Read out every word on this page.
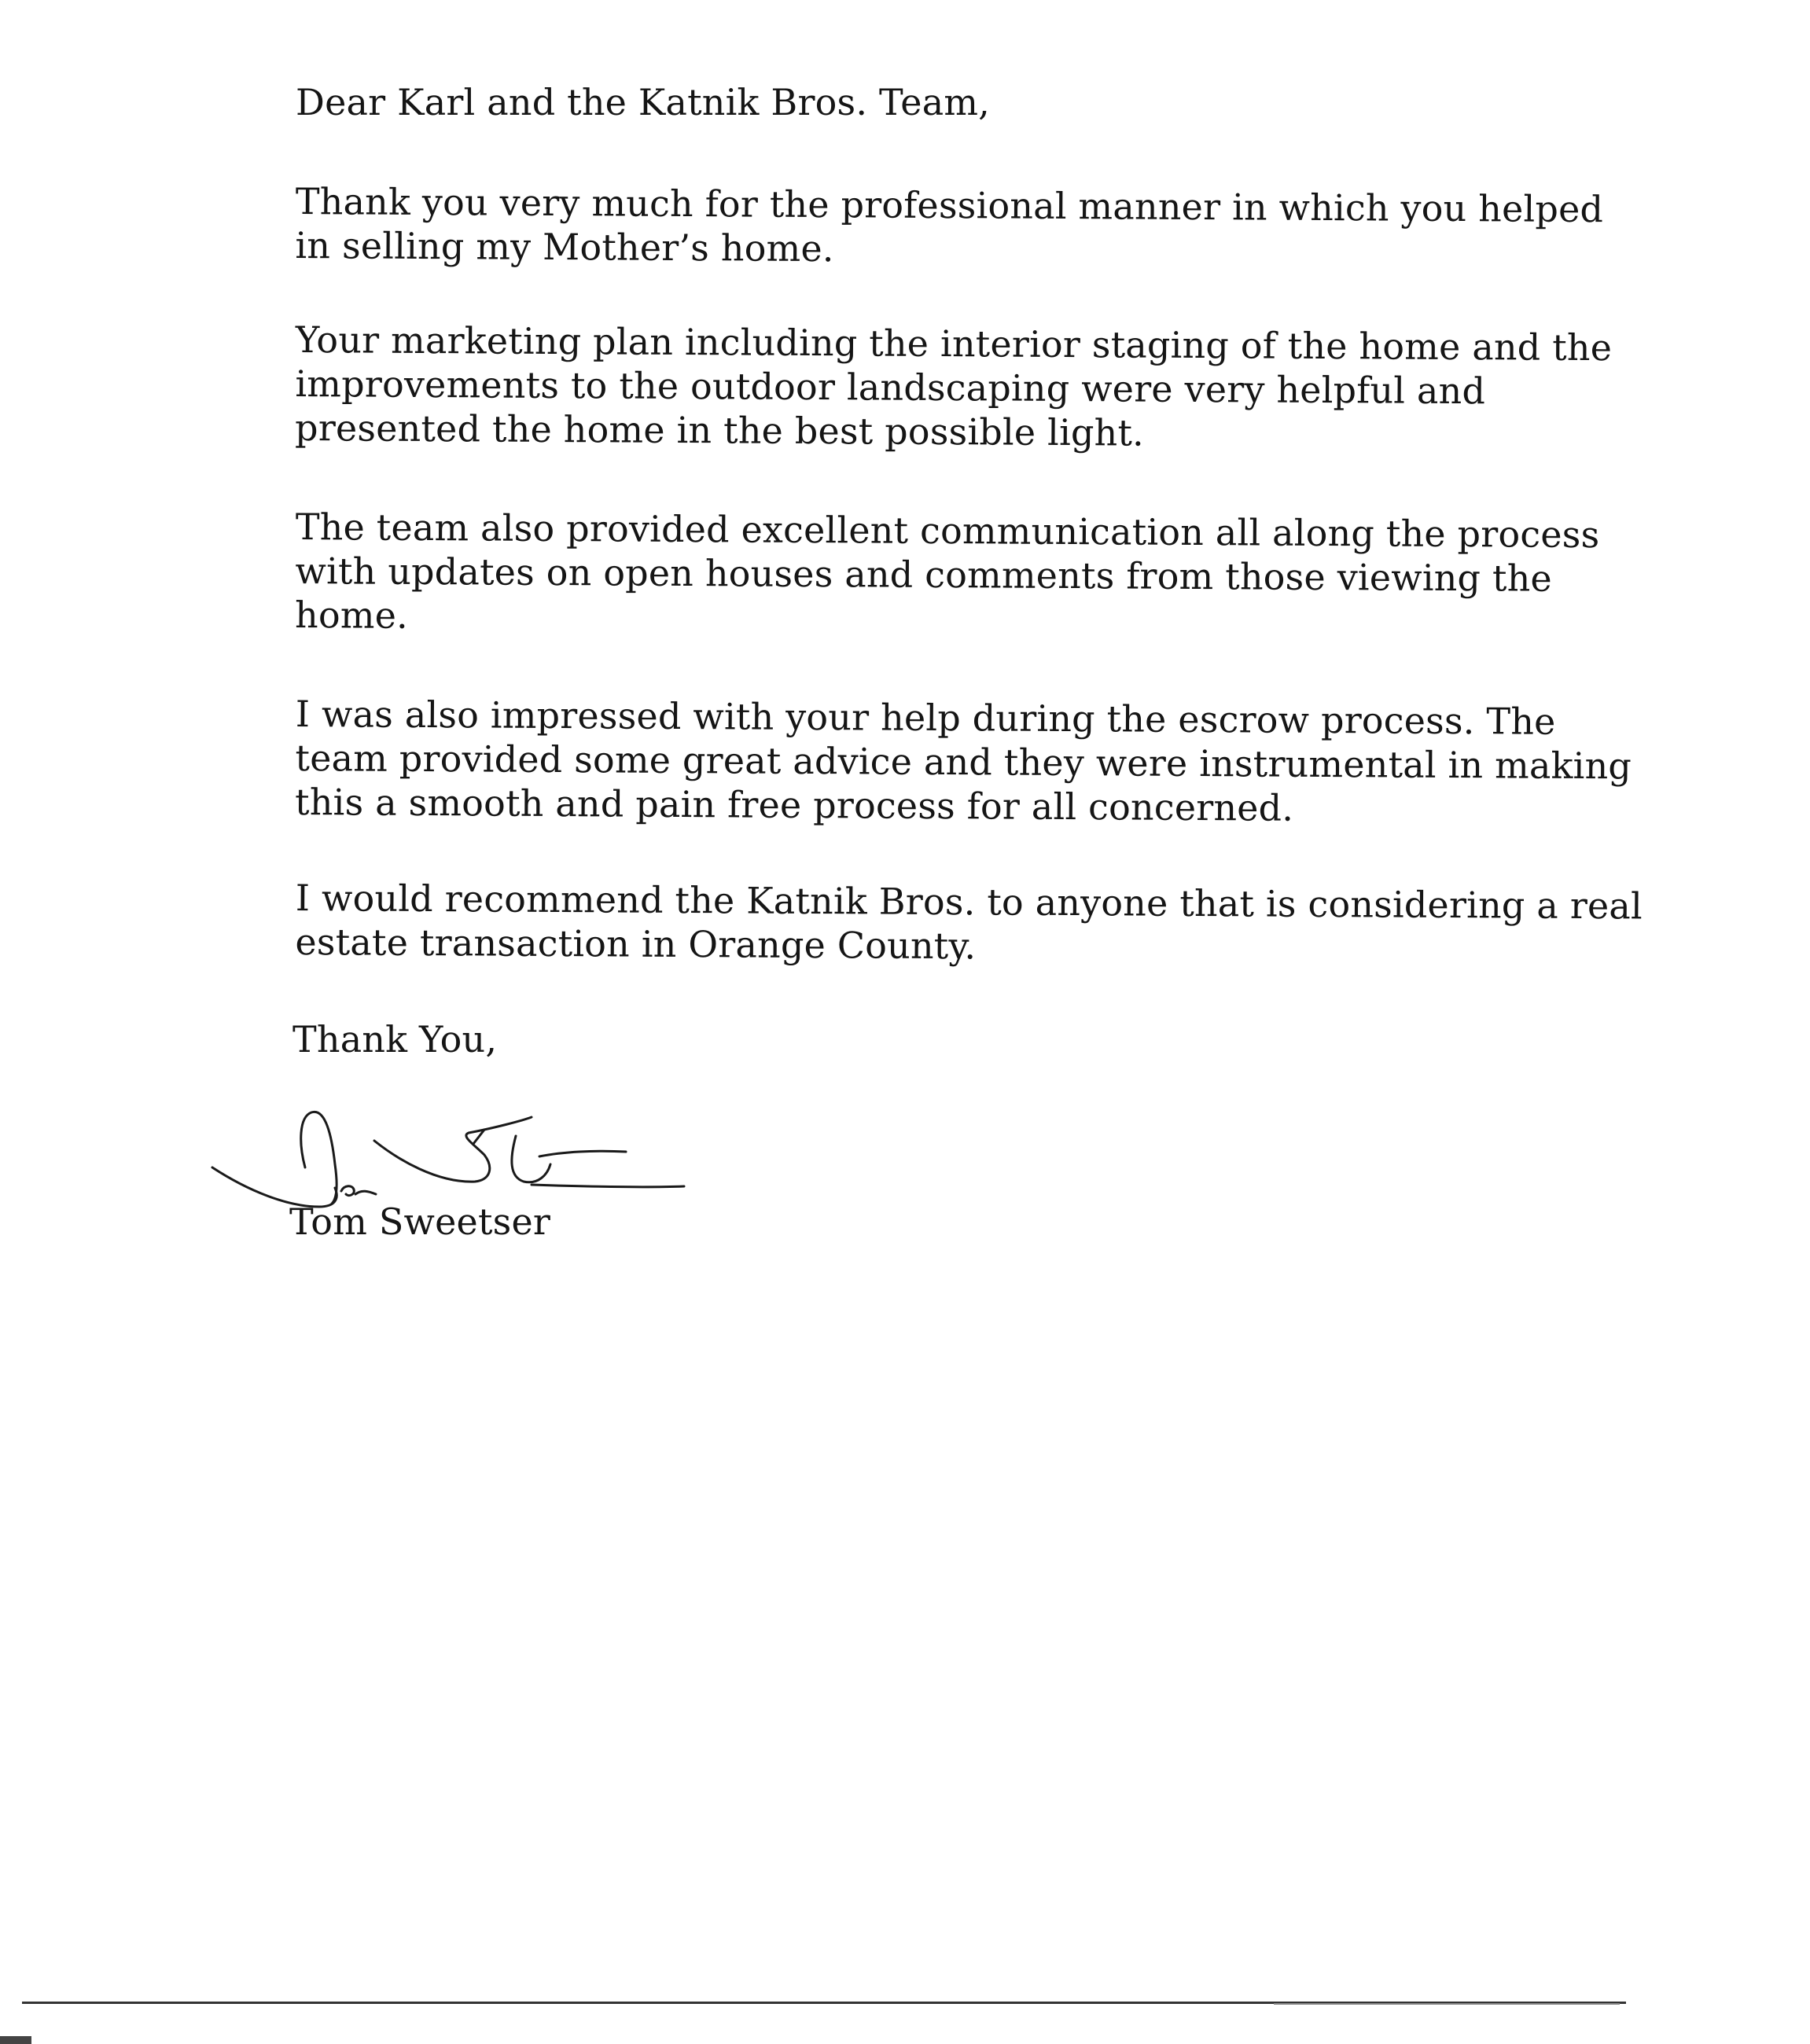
Dear Karl and the Katnik Bros. Team,
Thank you very much for the professional manner in which you helped
in selling my Mother’s home.
Your marketing plan including the interior staging of the home and the
improvements to the outdoor landscaping were very helpful and
presented the home in the best possible light.
The team also provided excellent communication all along the process
with updates on open houses and comments from those viewing the
home.
I was also impressed with your help during the escrow process. The
team provided some great advice and they were instrumental in making
this a smooth and pain free process for all concerned.
I would recommend the Katnik Bros. to anyone that is considering a real
estate transaction in Orange County.
Thank You,
Tom Sweetser
